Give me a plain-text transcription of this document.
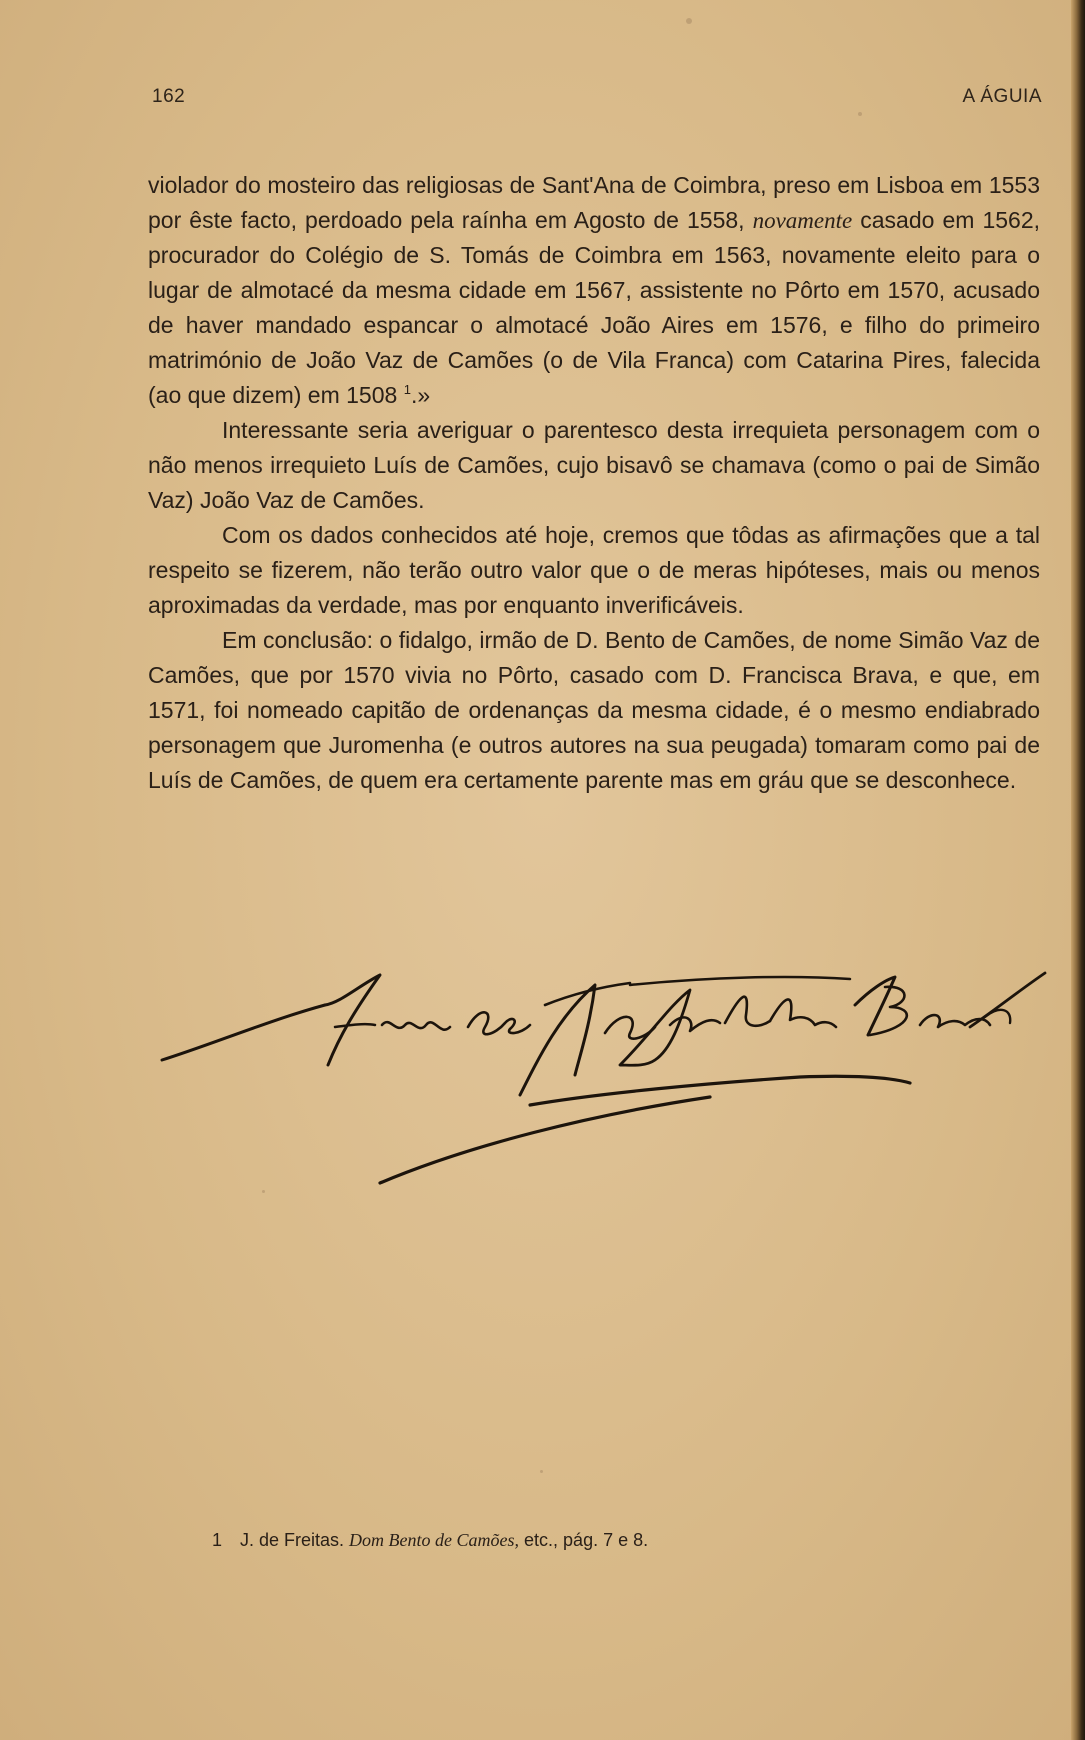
162	A ÁGUIA

violador do mosteiro das religiosas de Sant'Ana de Coimbra, preso em Lisboa em 1553 por êste facto, perdoado pela raínha em Agosto de 1558, novamente casado em 1562, procurador do Colégio de S. Tomás de Coimbra em 1563, novamente eleito para o lugar de almotacé da mesma cidade em 1567, assistente no Pôrto em 1570, acusado de haver mandado espancar o almotacé João Aires em 1576, e filho do primeiro matrimónio de João Vaz de Camões (o de Vila Franca) com Catarina Pires, falecida (ao que dizem) em 1508 $^1$.»

Interessante seria averiguar o parentesco desta irrequieta personagem com o não menos irrequieto Luís de Camões, cujo bisavô se chamava (como o pai de Simão Vaz) João Vaz de Camões.

Com os dados conhecidos até hoje, cremos que tôdas as afirmações que a tal respeito se fizerem, não terão outro valor que o de meras hipóteses, mais ou menos aproximadas da verdade, mas por enquanto inverificáveis.

Em conclusão: o fidalgo, irmão de D. Bento de Camões, de nome Simão Vaz de Camões, que por 1570 vivia no Pôrto, casado com D. Francisca Brava, e que, em 1571, foi nomeado capitão de ordenanças da mesma cidade, é o mesmo endiabrado personagem que Juromenha (e outros autores na sua peugada) tomaram como pai de Luís de Camões, de quem era certamente parente mas em gráu que se desconhece.

1 J. de Freitas. Dom Bento de Camões, etc., pág. 7 e 8.
